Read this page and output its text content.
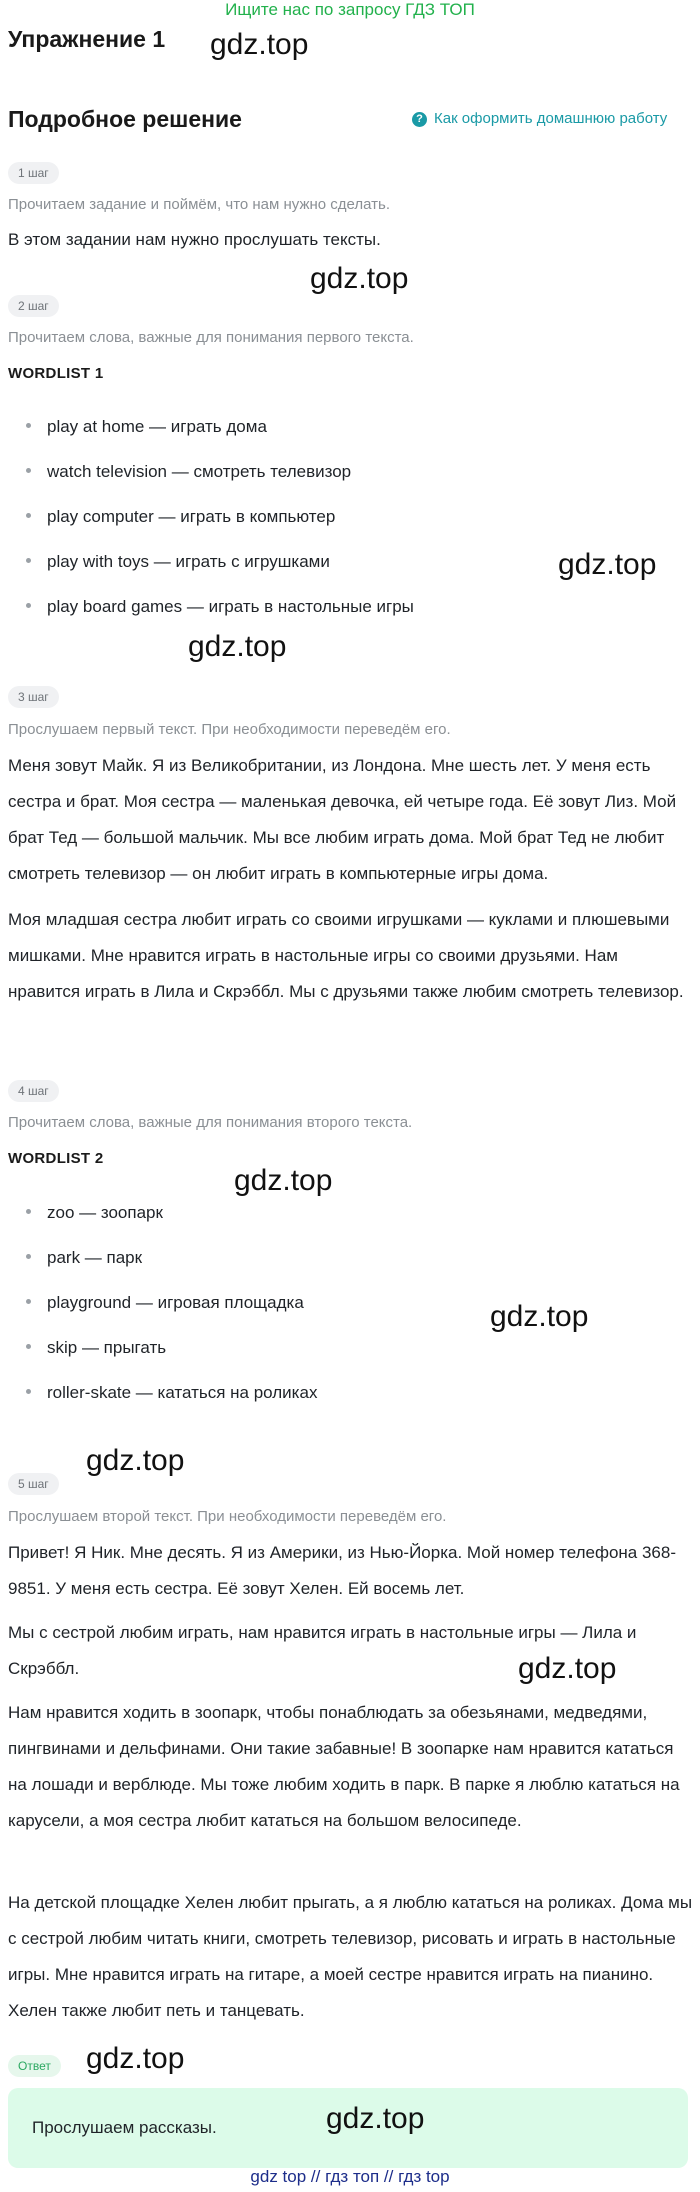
Ищите нас по запросу ГДЗ ТОП
Упражнение 1 gdz.top
Подробное решение	? Как оформить домашнюю работу
1 шаг
Прочитаем задание и поймём, что нам нужно сделать.
В этом задании нам нужно прослушать тексты.
gdz.top
2 шаг
Прочитаем слова, важные для понимания первого текста.
WORDLIST 1
play at home — играть дома
watch television — смотреть телевизор
play computer — играть в компьютер
play with toys — играть с игрушками
play board games — играть в настольные игры
gdz.top
gdz.top
3 шаг
Прослушаем первый текст. При необходимости переведём его.
Меня зовут Майк. Я из Великобритании, из Лондона. Мне шесть лет. У меня есть сестра и брат. Моя сестра — маленькая девочка, ей четыре года. Её зовут Лиз. Мой брат Тед — большой мальчик. Мы все любим играть дома. Мой брат Тед не любит смотреть телевизор — он любит играть в компьютерные игры дома.
Моя младшая сестра любит играть со своими игрушками — куклами и плюшевыми мишками. Мне нравится играть в настольные игры со своими друзьями. Нам нравится играть в Лила и Скрэббл. Мы с друзьями также любим смотреть телевизор.
4 шаг
Прочитаем слова, важные для понимания второго текста.
WORDLIST 2
gdz.top
zoo — зоопарк
park — парк
playground — игровая площадка
skip — прыгать
roller-skate — кататься на роликах
gdz.top
gdz.top
5 шаг
Прослушаем второй текст. При необходимости переведём его.
Привет! Я Ник. Мне десять. Я из Америки, из Нью-Йорка. Мой номер телефона 368-9851. У меня есть сестра. Её зовут Хелен. Ей восемь лет.
Мы с сестрой любим играть, нам нравится играть в настольные игры — Лила и Скрэббл.	gdz.top
Нам нравится ходить в зоопарк, чтобы понаблюдать за обезьянами, медведями, пингвинами и дельфинами. Они такие забавные! В зоопарке нам нравится кататься на лошади и верблюде. Мы тоже любим ходить в парк. В парке я люблю кататься на карусели, а моя сестра любит кататься на большом велосипеде.
На детской площадке Хелен любит прыгать, а я люблю кататься на роликах. Дома мы с сестрой любим читать книги, смотреть телевизор, рисовать и играть в настольные игры. Мне нравится играть на гитаре, а моей сестре нравится играть на пианино. Хелен также любит петь и танцевать.
Ответ	gdz.top
Прослушаем рассказы.	gdz.top
gdz top // гдз топ // гдз top
